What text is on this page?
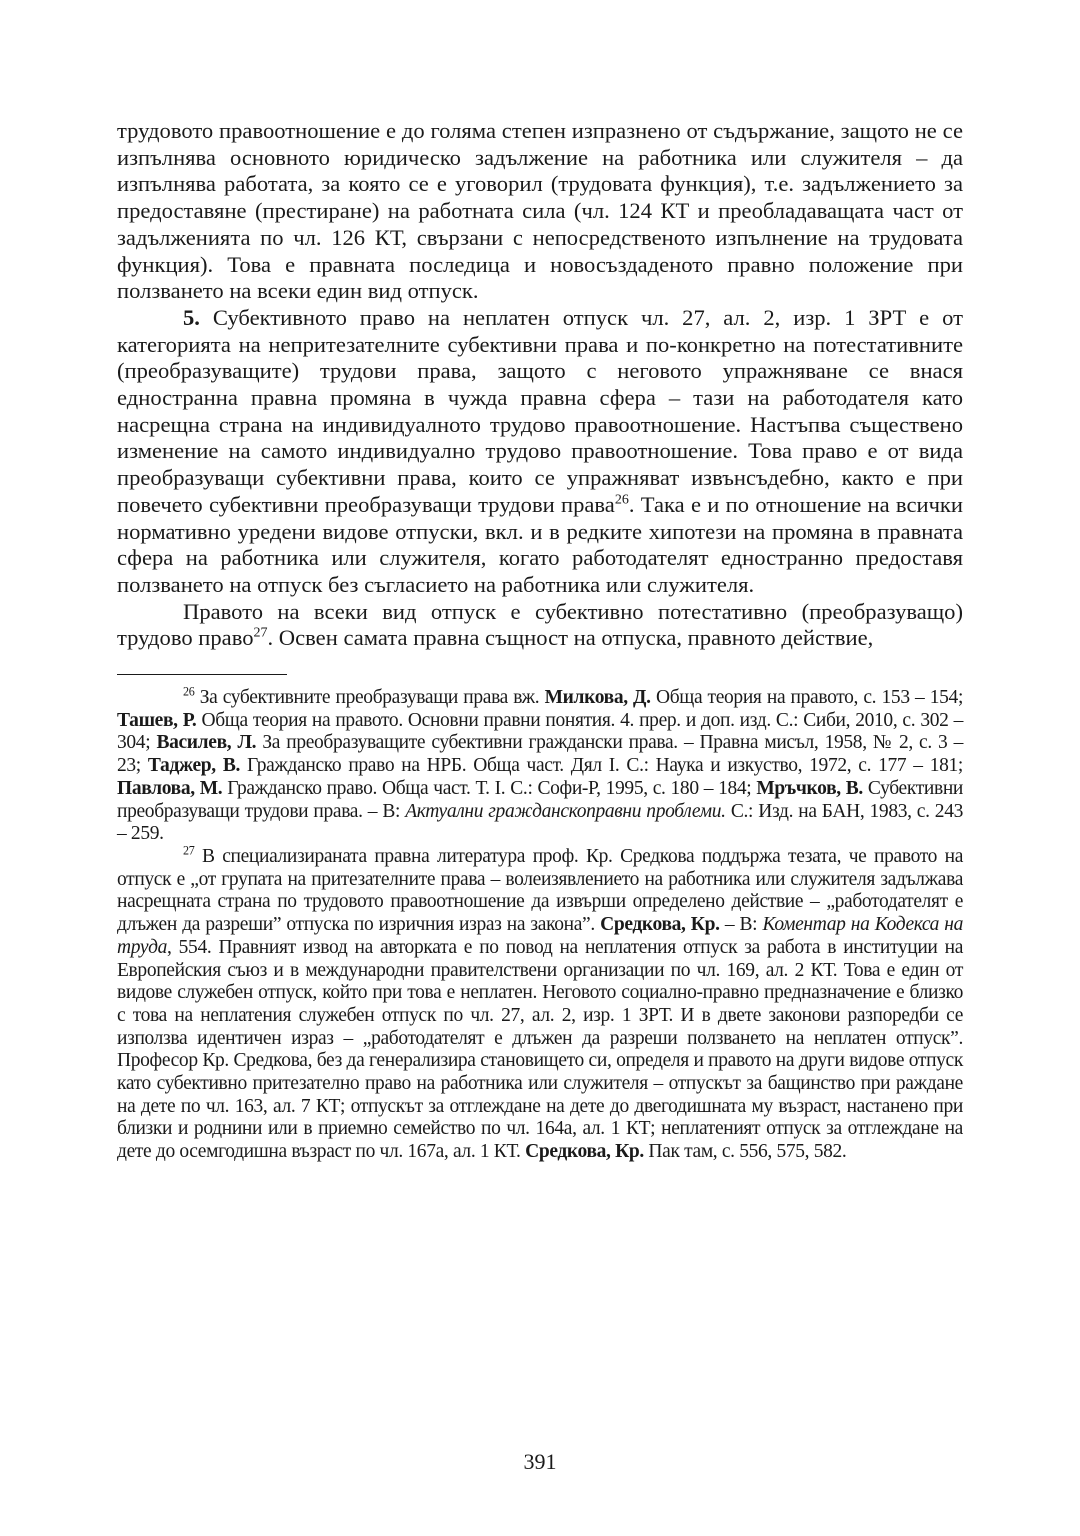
трудовото правоотношение е до голяма степен изпразнено от съдържание, защото не се изпълнява основното юридическо задължение на работника или служителя – да изпълнява работата, за която се е уговорил (трудовата функция), т.е. задължението за предоставяне (престиране) на работната сила (чл. 124 КТ и преобладаващата част от задълженията по чл. 126 КТ, свързани с непосредственото изпълнение на трудовата функция). Това е правната последица и новосъздаденото правно положение при ползването на всеки един вид отпуск.

5. Субективното право на неплатен отпуск чл. 27, ал. 2, изр. 1 ЗРТ е от категорията на непритезателните субективни права и по-конкретно на потестативните (преобразуващите) трудови права, защото с неговото упражняване се внася едностранна правна промяна в чужда правна сфера – тази на работодателя като насрещна страна на индивидуалното трудово правоотношение. Настъпва съществено изменение на самото индивидуално трудово правоотношение. Това право е от вида преобразуващи субективни права, които се упражняват извънсъдебно, както е при повечето субективни преобразуващи трудови права$^{26}$. Така е и по отношение на всички нормативно уредени видове отпуски, вкл. и в редките хипотези на промяна в правната сфера на работника или служителя, когато работодателят едностранно предоставя ползването на отпуск без съгласието на работника или служителя.

Правото на всеки вид отпуск е субективно потестативно (преобразуващо) трудово право$^{27}$. Освен самата правна същност на отпуска, правното действие,

$^{26}$ За субективните преобразуващи права вж. Милкова, Д. Обща теория на правото, с. 153 – 154; Ташев, Р. Обща теория на правото. Основни правни понятия. 4. прер. и доп. изд. С.: Сиби, 2010, с. 302 – 304; Василев, Л. За преобразуващите субективни граждански права. – Правна мисъл, 1958, № 2, с. 3 – 23; Таджер, В. Гражданско право на НРБ. Обща част. Дял I. С.: Наука и изкуство, 1972, с. 177 – 181; Павлова, М. Гражданско право. Обща част. Т. I. С.: Софи-Р, 1995, с. 180 – 184; Мръчков, В. Субективни преобразуващи трудови права. – В: Актуални гражданскоправни проблеми. С.: Изд. на БАН, 1983, с. 243 – 259.

$^{27}$ В специализираната правна литература проф. Кр. Средкова поддържа тезата, че правото на отпуск е „от групата на притезателните права – волеизявлението на работника или служителя задължава насрещната страна по трудовото правоотношение да извърши определено действие – „работодателят е длъжен да разреши” отпуска по изричния израз на закона”. Средкова, Кр. – В: Коментар на Кодекса на труда, 554. Правният извод на авторката е по повод на неплатения отпуск за работа в институции на Европейския съюз и в международни правителствени организации по чл. 169, ал. 2 КТ. Това е един от видове служебен отпуск, който при това е неплатен. Неговото социално-правно предназначение е близко с това на неплатения служебен отпуск по чл. 27, ал. 2, изр. 1 ЗРТ. И в двете законови разпоредби се използва идентичен израз – „работодателят е длъжен да разреши ползването на неплатен отпуск”. Професор Кр. Средкова, без да генерализира становището си, определя и правото на други видове отпуск като субективно притезателно право на работника или служителя – отпускът за бащинство при раждане на дете по чл. 163, ал. 7 КТ; отпускът за отглеждане на дете до двегодишната му възраст, настанено при близки и роднини или в приемно семейство по чл. 164а, ал. 1 КТ; неплатеният отпуск за отглеждане на дете до осемгодишна възраст по чл. 167а, ал. 1 КТ. Средкова, Кр. Пак там, с. 556, 575, 582.

391
